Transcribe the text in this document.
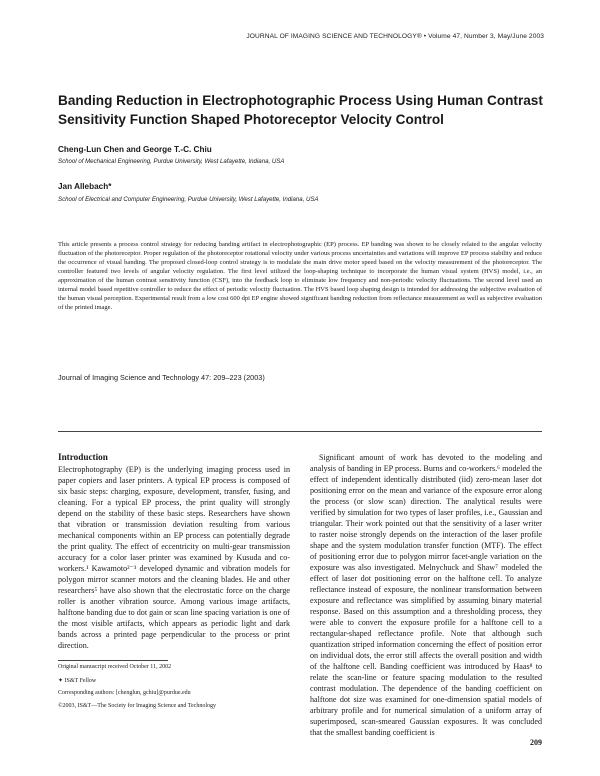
JOURNAL OF IMAGING SCIENCE AND TECHNOLOGY® • Volume 47, Number 3, May/June 2003
Banding Reduction in Electrophotographic Process Using Human Contrast Sensitivity Function Shaped Photoreceptor Velocity Control
Cheng-Lun Chen and George T.-C. Chiu
School of Mechanical Engineering, Purdue University, West Lafayette, Indiana, USA
Jan Allebach*
School of Electrical and Computer Engineering, Purdue University, West Lafayette, Indiana, USA

This article presents a process control strategy for reducing banding artifact in electrophotographic (EP) process. EP banding was shown to be closely related to the angular velocity fluctuation of the photoreceptor. Proper regulation of the photoreceptor rotational velocity under various process uncertainties and variations will improve EP process stability and reduce the occurrence of visual banding. The proposed closed-loop control strategy is to modulate the main drive motor speed based on the velocity measurement of the photoreceptor. The controller featured two levels of angular velocity regulation. The first level utilized the loop-shaping technique to incorporate the human visual system (HVS) model, i.e., an approximation of the human contrast sensitivity function (CSF), into the feedback loop to eliminate low frequency and non-periodic velocity fluctuations. The second level used an internal model based repetitive controller to reduce the effect of periodic velocity fluctuation. The HVS based loop shaping design is intended for addressing the subjective evaluation of the human visual perception. Experimental result from a low cost 600 dpi EP engine showed significant banding reduction from reflectance measurement as well as subjective evaluation of the printed image.

Journal of Imaging Science and Technology 47: 209–223 (2003)
Introduction

Electrophotography (EP) is the underlying imaging process used in paper copiers and laser printers. A typical EP process is composed of six basic steps: charging, exposure, development, transfer, fusing, and cleaning. For a typical EP process, the print quality will strongly depend on the stability of these basic steps. Researchers have shown that vibration or transmission deviation resulting from various mechanical components within an EP process can potentially degrade the print quality. The effect of eccentricity on multi-gear transmission accuracy for a color laser printer was examined by Kusuda and co-workers.¹ Kawamoto²⁻³ developed dynamic and vibration models for polygon mirror scanner motors and the cleaning blades. He and other researchers⁵ have also shown that the electrostatic force on the charge roller is another vibration source. Among various image artifacts, halftone banding due to dot gain or scan line spacing variation is one of the most visible artifacts, which appears as periodic light and dark bands across a printed page perpendicular to the process or print direction.

Significant amount of work has devoted to the modeling and analysis of banding in EP process. Burns and co-workers.⁶ modeled the effect of independent identically distributed (iid) zero-mean laser dot positioning error on the mean and variance of the exposure error along the process (or slow scan) direction. The analytical results were verified by simulation for two types of laser profiles, i.e., Gaussian and triangular. Their work pointed out that the sensitivity of a laser writer to raster noise strongly depends on the interaction of the laser profile shape and the system modulation transfer function (MTF). The effect of positioning error due to polygon mirror facet-angle variation on the exposure was also investigated. Melnychuck and Shaw⁷ modeled the effect of laser dot positioning error on the halftone cell. To analyze reflectance instead of exposure, the nonlinear transformation between exposure and reflectance was simplified by assuming binary material response. Based on this assumption and a thresholding process, they were able to convert the exposure profile for a halftone cell to a rectangular-shaped reflectance profile. Note that although such quantization striped information concerning the effect of position error on individual dots, the error still affects the overall position and width of the halftone cell. Banding coefficient was introduced by Haas⁸ to relate the scan-line or feature spacing modulation to the resulted contrast modulation. The dependence of the banding coefficient on halftone dot size was examined for one-dimension spatial models of arbitrary profile and for numerical simulation of a uniform array of superimposed, scan-smeared Gaussian exposures. It was concluded that the smallest banding coefficient is

Original manuscript received October 11, 2002
✦ IS&T Fellow
Corresponding authors: [chenglun, gchiu]@purdue.edu
©2003, IS&T—The Society for Imaging Science and Technology
209
